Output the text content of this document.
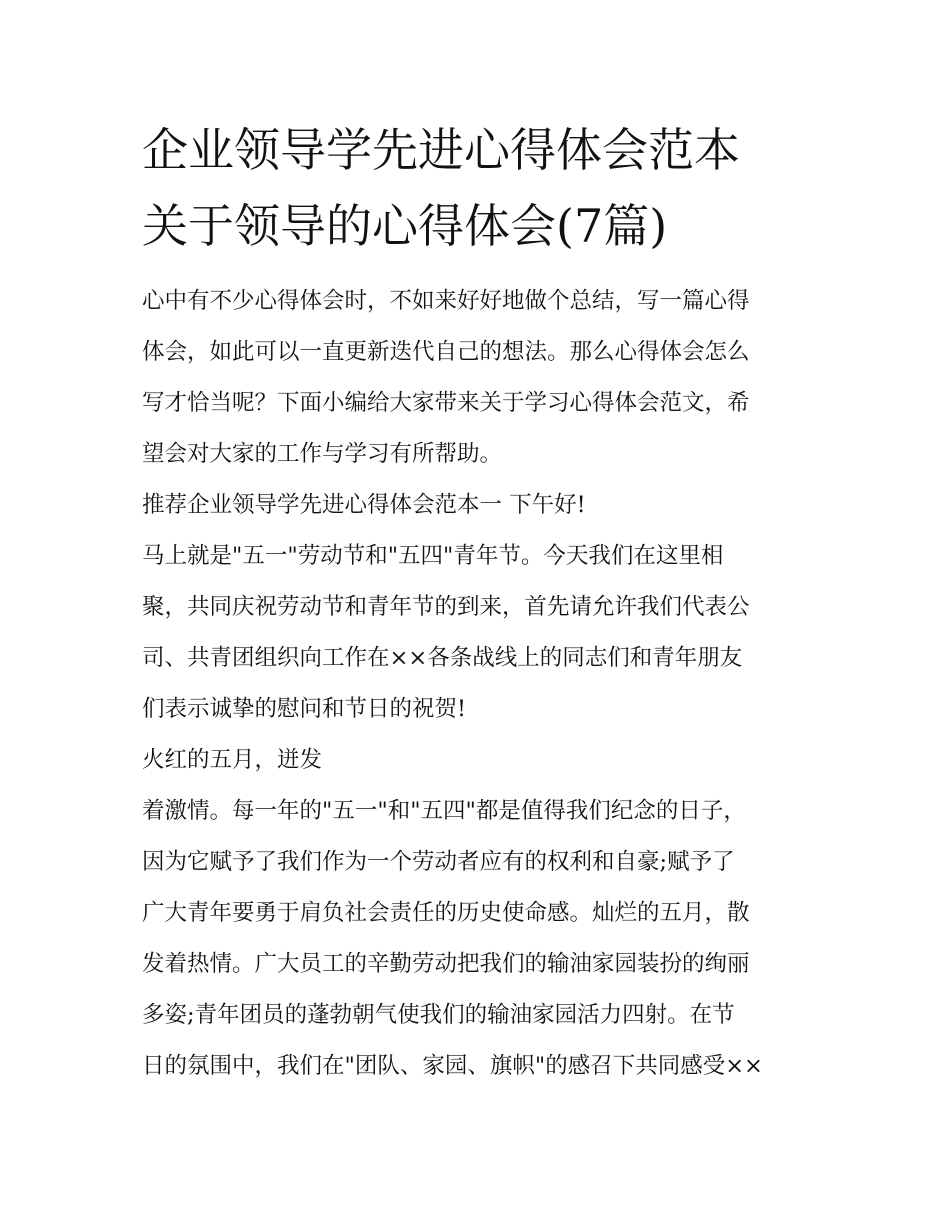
企业领导学先进心得体会范本
关于领导的心得体会(7篇)
心中有不少心得体会时，不如来好好地做个总结，写一篇心得
体会，如此可以一直更新迭代自己的想法。那么心得体会怎么
写才恰当呢？下面小编给大家带来关于学习心得体会范文，希
望会对大家的工作与学习有所帮助。
推荐企业领导学先进心得体会范本一 下午好!
马上就是"五一"劳动节和"五四"青年节。今天我们在这里相
聚，共同庆祝劳动节和青年节的到来，首先请允许我们代表公
司、共青团组织向工作在××各条战线上的同志们和青年朋友
们表示诚挚的慰问和节日的祝贺!
火红的五月，迸发
着激情。每一年的"五一"和"五四"都是值得我们纪念的日子，
因为它赋予了我们作为一个劳动者应有的权利和自豪;赋予了
广大青年要勇于肩负社会责任的历史使命感。灿烂的五月，散
发着热情。广大员工的辛勤劳动把我们的输油家园装扮的绚丽
多姿;青年团员的蓬勃朝气使我们的输油家园活力四射。在节
日的氛围中，我们在"团队、家园、旗帜"的感召下共同感受××
